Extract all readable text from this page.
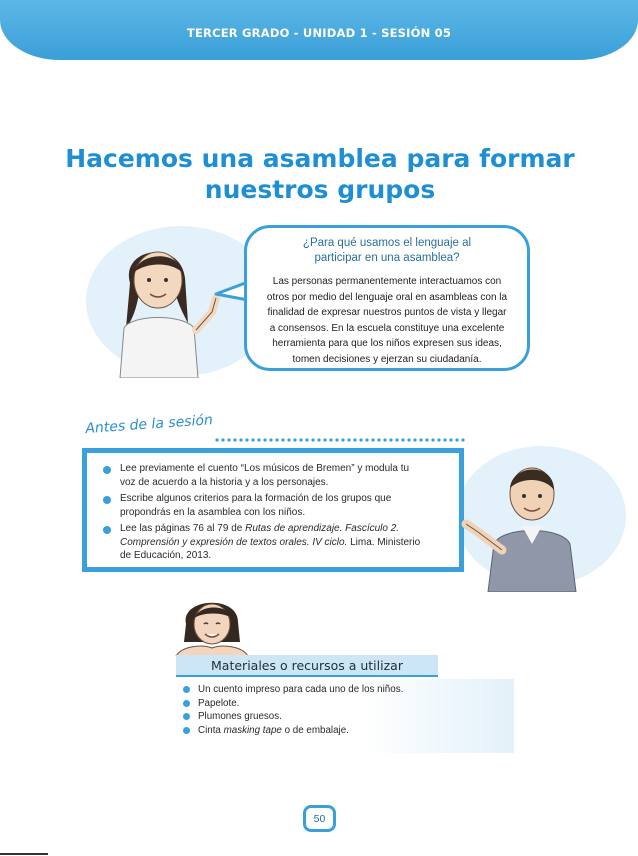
TERCER GRADO - UNIDAD 1 - SESIÓN 05
Hacemos una asamblea para formar
nuestros grupos
¿Para qué usamos el lenguaje al
participar en una asamblea?
Las personas permanentemente interactuamos con
otros por medio del lenguaje oral en asambleas con la
finalidad de expresar nuestros puntos de vista y llegar
a consensos. En la escuela constituye una excelente
herramienta para que los niños expresen sus ideas,
tomen decisiones y ejerzan su ciudadanía.
Antes de la sesión
Lee previamente el cuento “Los músicos de Bremen” y modula tu
voz de acuerdo a la historia y a los personajes.
Escribe algunos criterios para la formación de los grupos que
propondrás en la asamblea con los niños.
Lee las páginas 76 al 79 de Rutas de aprendizaje. Fascículo 2.
Comprensión y expresión de textos orales. IV ciclo. Lima. Ministerio
de Educación, 2013.
Materiales o recursos a utilizar
Un cuento impreso para cada uno de los niños.
Papelote.
Plumones gruesos.
Cinta masking tape o de embalaje.
50
